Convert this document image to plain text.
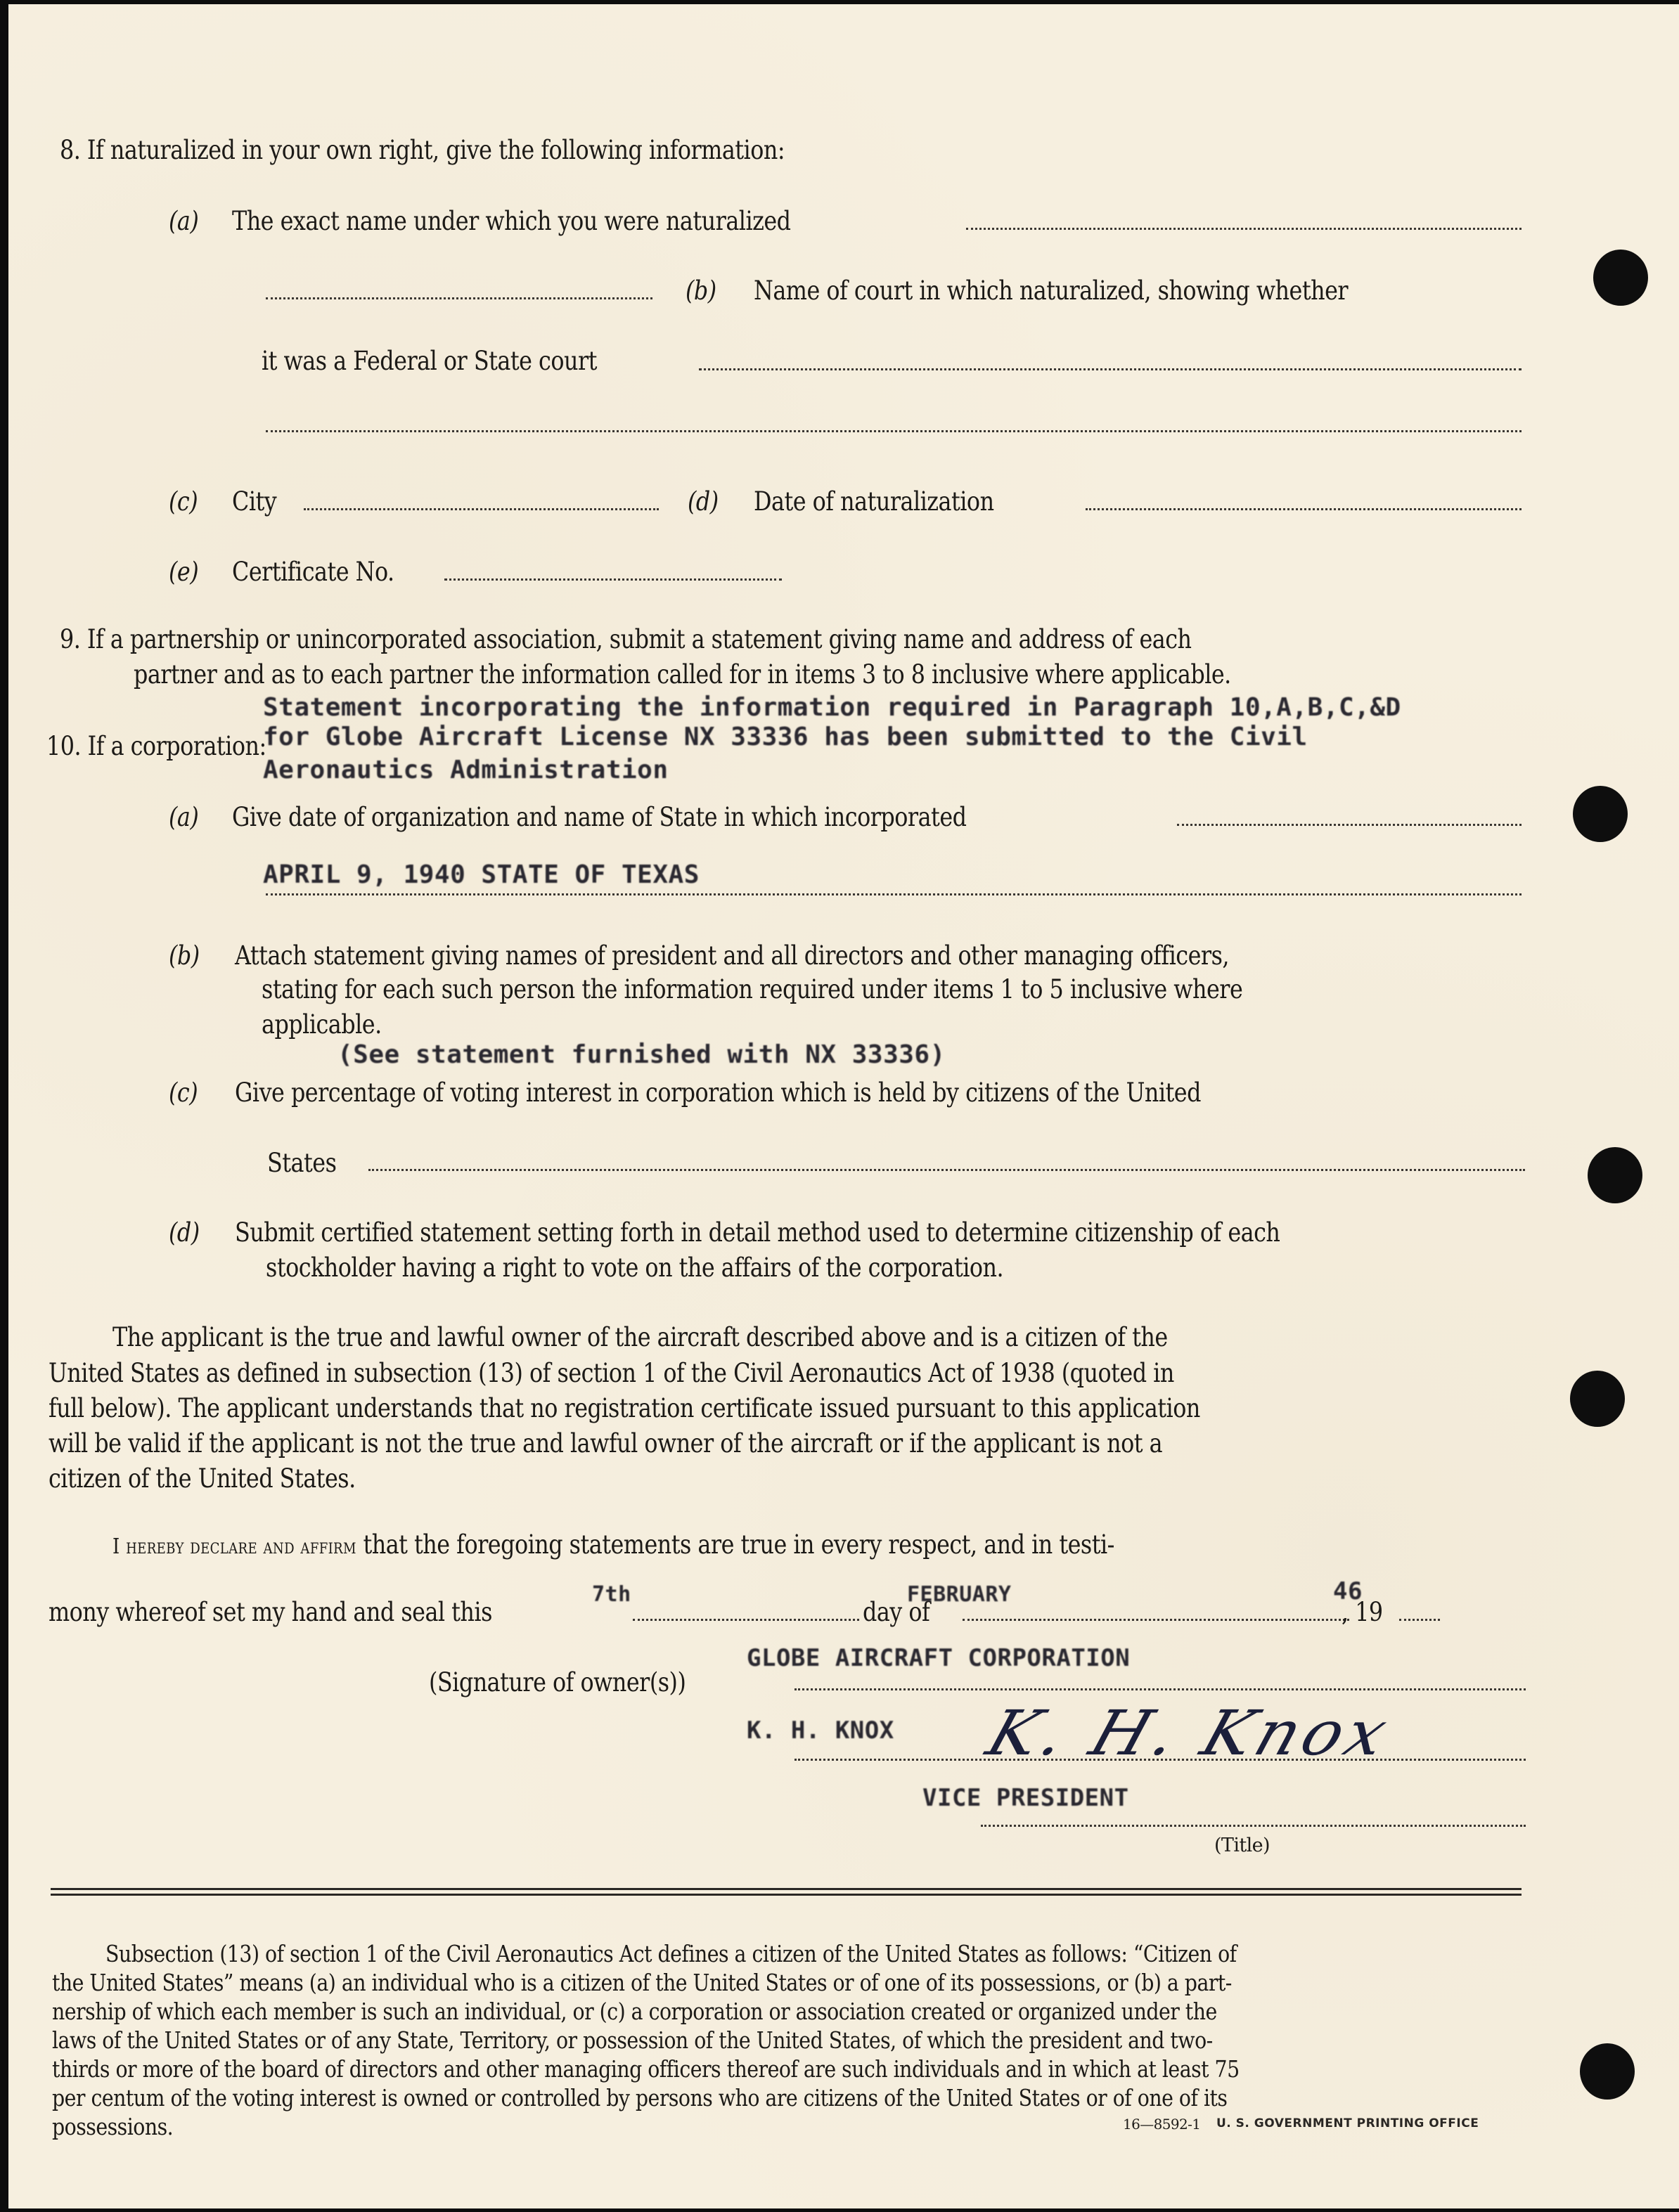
8. If naturalized in your own right, give the following information:
(a) The exact name under which you were naturalized
(b) Name of court in which naturalized, showing whether
it was a Federal or State court
(c) City	(d) Date of naturalization
(e) Certificate No.
9. If a partnership or unincorporated association, submit a statement giving name and address of each
partner and as to each partner the information called for in items 3 to 8 inclusive where applicable.
Statement incorporating the information required in Paragraph 10,A,B,C,&D
10. If a corporation:
for Globe Aircraft License NX 33336 has been submitted to the Civil
Aeronautics Administration
(a) Give date of organization and name of State in which incorporated
APRIL 9, 1940 STATE OF TEXAS
(b) Attach statement giving names of president and all directors and other managing officers,
stating for each such person the information required under items 1 to 5 inclusive where
applicable.
(See statement furnished with NX 33336)
(c) Give percentage of voting interest in corporation which is held by citizens of the United
States
(d) Submit certified statement setting forth in detail method used to determine citizenship of each
stockholder having a right to vote on the affairs of the corporation.
The applicant is the true and lawful owner of the aircraft described above and is a citizen of the
United States as defined in subsection (13) of section 1 of the Civil Aeronautics Act of 1938 (quoted in
full below). The applicant understands that no registration certificate issued pursuant to this application
will be valid if the applicant is not the true and lawful owner of the aircraft or if the applicant is not a
citizen of the United States.
I hereby declare and affirm that the foregoing statements are true in every respect, and in testi-
mony whereof set my hand and seal this
7th
day of
FEBRUARY
, 19
46
GLOBE AIRCRAFT CORPORATION
(Signature of owner(s))
K. H. KNOX K. H. Knox
VICE PRESIDENT
(Title)
Subsection (13) of section 1 of the Civil Aeronautics Act defines a citizen of the United States as follows: “Citizen of
the United States” means (a) an individual who is a citizen of the United States or of one of its possessions, or (b) a part-
nership of which each member is such an individual, or (c) a corporation or association created or organized under the
laws of the United States or of any State, Territory, or possession of the United States, of which the president and two-
thirds or more of the board of directors and other managing officers thereof are such individuals and in which at least 75
per centum of the voting interest is owned or controlled by persons who are citizens of the United States or of one of its
possessions.	16—8592-1 U. S. GOVERNMENT PRINTING OFFICE
